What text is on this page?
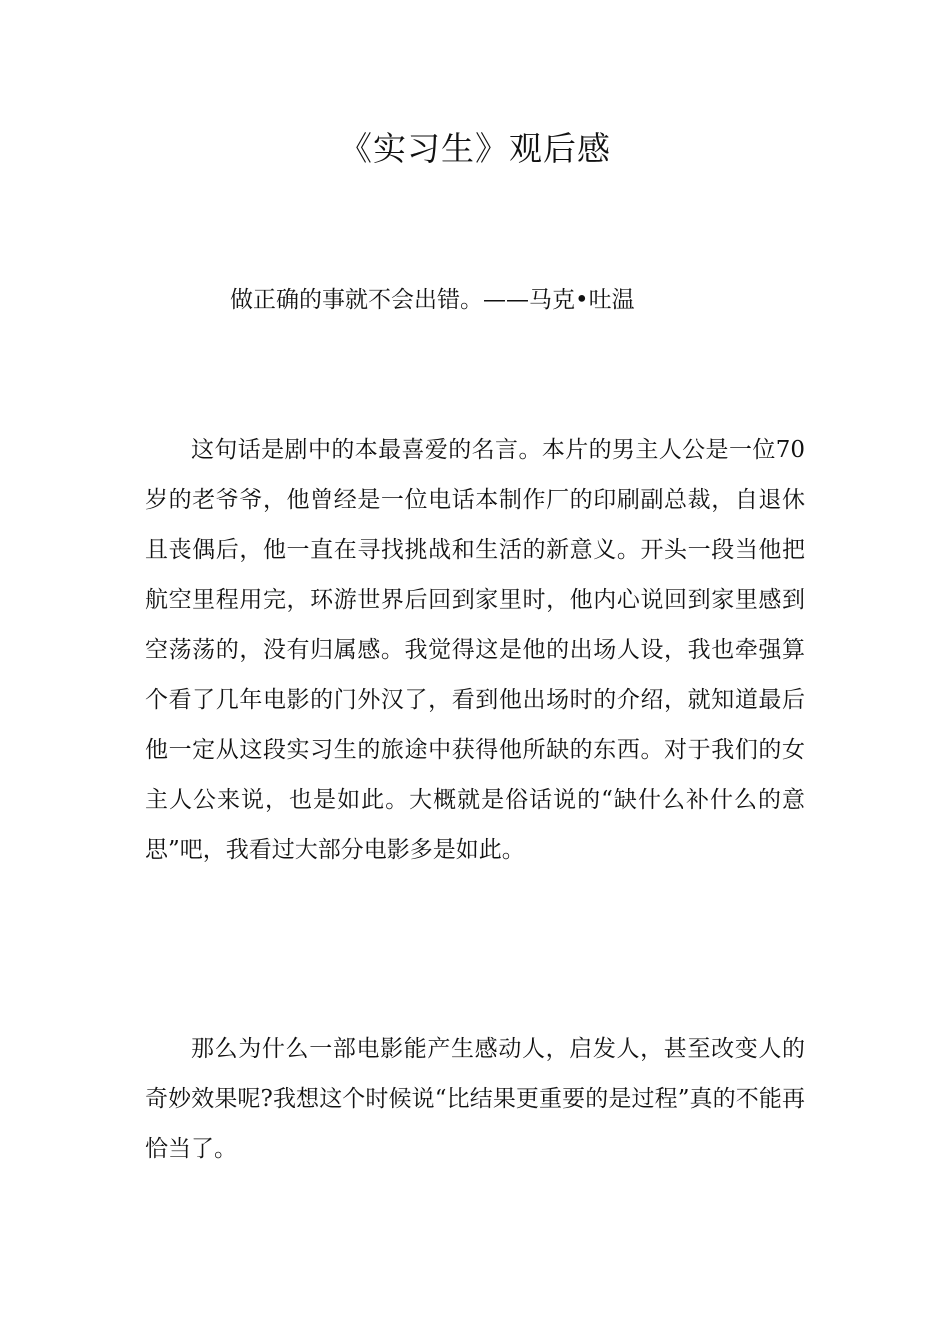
《实习生》观后感

做正确的事就不会出错。——马克•吐温

这句话是剧中的本最喜爱的名言。本片的男主人公是一位70岁的老爷爷，他曾经是一位电话本制作厂的印刷副总裁，自退休且丧偶后，他一直在寻找挑战和生活的新意义。开头一段当他把航空里程用完，环游世界后回到家里时，他内心说回到家里感到空荡荡的，没有归属感。我觉得这是他的出场人设，我也牵强算个看了几年电影的门外汉了，看到他出场时的介绍，就知道最后他一定从这段实习生的旅途中获得他所缺的东西。对于我们的女主人公来说，也是如此。大概就是俗话说的“缺什么补什么的意思”吧，我看过大部分电影多是如此。

那么为什么一部电影能产生感动人，启发人，甚至改变人的奇妙效果呢?我想这个时候说“比结果更重要的是过程”真的不能再恰当了。
